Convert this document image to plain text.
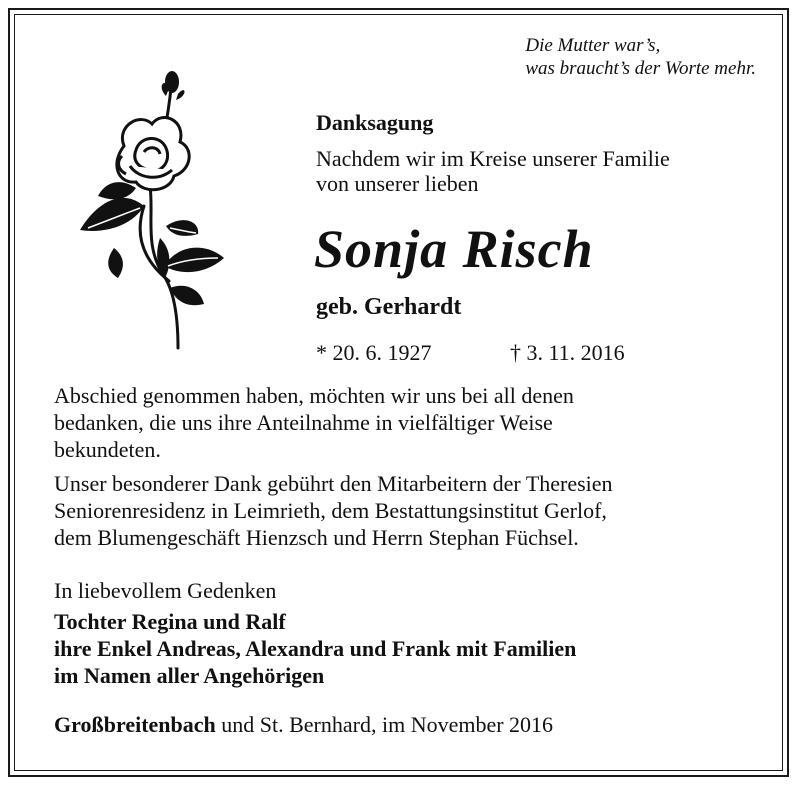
Die Mutter war’s,
was braucht’s der Worte mehr.
Danksagung
Nachdem wir im Kreise unserer Familie
von unserer lieben
Sonja Risch
geb. Gerhardt
* 20. 6. 1927	† 3. 11. 2016
Abschied genommen haben, möchten wir uns bei all denen
bedanken, die uns ihre Anteilnahme in vielfältiger Weise
bekundeten.
Unser besonderer Dank gebührt den Mitarbeitern der Theresien
Seniorenresidenz in Leimrieth, dem Bestattungsinstitut Gerlof,
dem Blumengeschäft Hienzsch und Herrn Stephan Füchsel.
In liebevollem Gedenken
Tochter Regina und Ralf
ihre Enkel Andreas, Alexandra und Frank mit Familien
im Namen aller Angehörigen
Großbreitenbach und St. Bernhard, im November 2016
